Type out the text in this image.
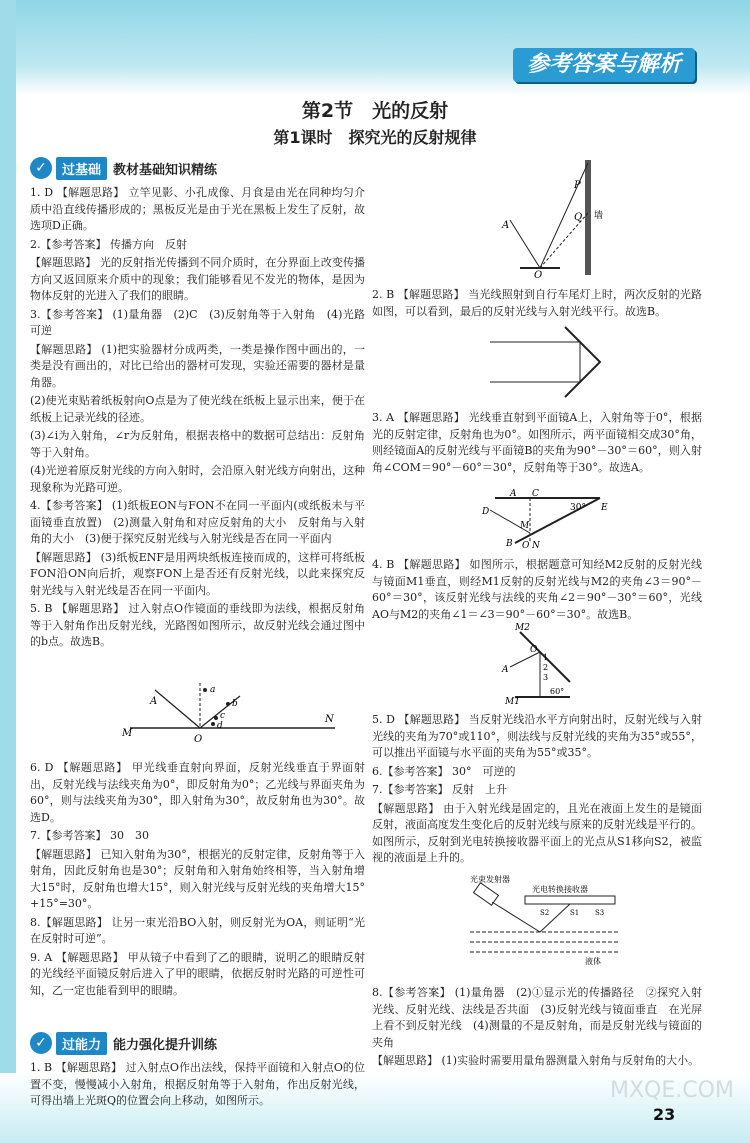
参考答案与解析
第2节　光的反射
第1课时　探究光的反射规律
✓	过基础 教材基础知识精练

1. D 【解题思路】 立竿见影、小孔成像、月食是由光在同种均匀介质中沿直线传播形成的；黑板反光是由于光在黑板上发生了反射，故选项D正确。

2.【参考答案】 传播方向　反射

【解题思路】 光的反射指光传播到不同介质时，在分界面上改变传播方向又返回原来介质中的现象；我们能够看见不发光的物体，是因为物体反射的光进入了我们的眼睛。

3.【参考答案】 (1)量角器　(2)C　(3)反射角等于入射角　(4)光路可逆

【解题思路】 (1)把实验器材分成两类，一类是操作图中画出的，一类是没有画出的，对比已给出的器材可发现，实验还需要的器材是量角器。

(2)使光束贴着纸板射向O点是为了使光线在纸板上显示出来，便于在纸板上记录光线的径迹。

(3)∠i为入射角，∠r为反射角，根据表格中的数据可总结出：反射角等于入射角。

(4)光逆着原反射光线的方向入射时，会沿原入射光线方向射出，这种现象称为光路可逆。

4.【参考答案】 (1)纸板EON与FON不在同一平面内(或纸板未与平面镜垂直放置)　(2)测量入射角和对应反射角的大小　反射角与入射角的大小　(3)便于探究反射光线与入射光线是否在同一平面内

【解题思路】 (3)纸板ENF是用两块纸板连接而成的，这样可将纸板FON沿ON向后折，观察FON上是否还有反射光线，以此来探究反射光线与入射光线是否在同一平面内。

5. B 【解题思路】 过入射点O作镜面的垂线即为法线，根据反射角等于入射角作出反射光线，光路图如图所示，故反射光线会通过图中的b点。故选B。

A
M
N
O
a
b
c
d

6. D 【解题思路】 甲光线垂直射向界面，反射光线垂直于界面射出，反射光线与法线夹角为0°，即反射角为0°；乙光线与界面夹角为60°，则与法线夹角为30°，即入射角为30°，故反射角也为30°。故选D。

7.【参考答案】 30　30

【解题思路】 已知入射角为30°，根据光的反射定律，反射角等于入射角，因此反射角也是30°；反射角和入射角始终相等，当入射角增大15°时，反射角也增大15°，则入射光线与反射光线的夹角增大15°+15°=30°。

8.【解题思路】 让另一束光沿BO入射，则反射光为OA，则证明“光在反射时可逆”。

9. A 【解题思路】 甲从镜子中看到了乙的眼睛，说明乙的眼睛反射的光线经平面镜反射后进入了甲的眼睛，依据反射时光路的可逆性可知，乙一定也能看到甲的眼睛。

✓	过能力 能力强化提升训练

1. B 【解题思路】 过入射点O作出法线，保持平面镜和入射点O的位置不变，慢慢减小入射角，根据反射角等于入射角，作出反射光线，可得出墙上光斑Q的位置会向上移动，如图所示。

A
O
P
Q 墙

2. B 【解题思路】 当光线照射到自行车尾灯上时，两次反射的光路如图，可以看到，最后的反射光线与入射光线平行。故选B。

3. A 【解题思路】 光线垂直射到平面镜A上，入射角等于0°，根据光的反射定律，反射角也为0°。如图所示，两平面镜相交成30°角，则经镜面A的反射光线与平面镜B的夹角为90°－30°＝60°，则入射角∠COM＝90°－60°＝30°，反射角等于30°。故选A。

C
D
M
N
O
E
30°
A
B

4. B 【解题思路】 如图所示，根据题意可知经M2反射的反射光线与镜面M1垂直，则经M1反射的反射光线与M2的夹角∠3＝90°－60°＝30°，该反射光线与法线的夹角∠2＝90°－30°＝60°，光线AO与M2的夹角∠1＝∠3＝90°－60°＝30°。故选B。

M2
M1
O
A
1
2
3
60°

5. D 【解题思路】 当反射光线沿水平方向射出时，反射光线与入射光线的夹角为70°或110°，则法线与反射光线的夹角为35°或55°，可以推出平面镜与水平面的夹角为55°或35°。

6.【参考答案】 30°　可逆的

7.【参考答案】 反射　上升

【解题思路】 由于入射光线是固定的，且光在液面上发生的是镜面反射，液面高度发生变化后的反射光线与原来的反射光线是平行的。如图所示，反射到光电转换接收器平面上的光点从S1移向S2，被监视的液面是上升的。

光束发射器
光电转换接收器
S2	S1 S3
液体

8.【参考答案】 (1)量角器　(2)①显示光的传播路径　②探究入射光线、反射光线、法线是否共面　(3)反射光线与镜面垂直　在光屏上看不到反射光线　(4)测量的不是反射角，而是反射光线与镜面的夹角

【解题思路】 (1)实验时需要用量角器测量入射角与反射角的大小。

MXQE.COM
23
